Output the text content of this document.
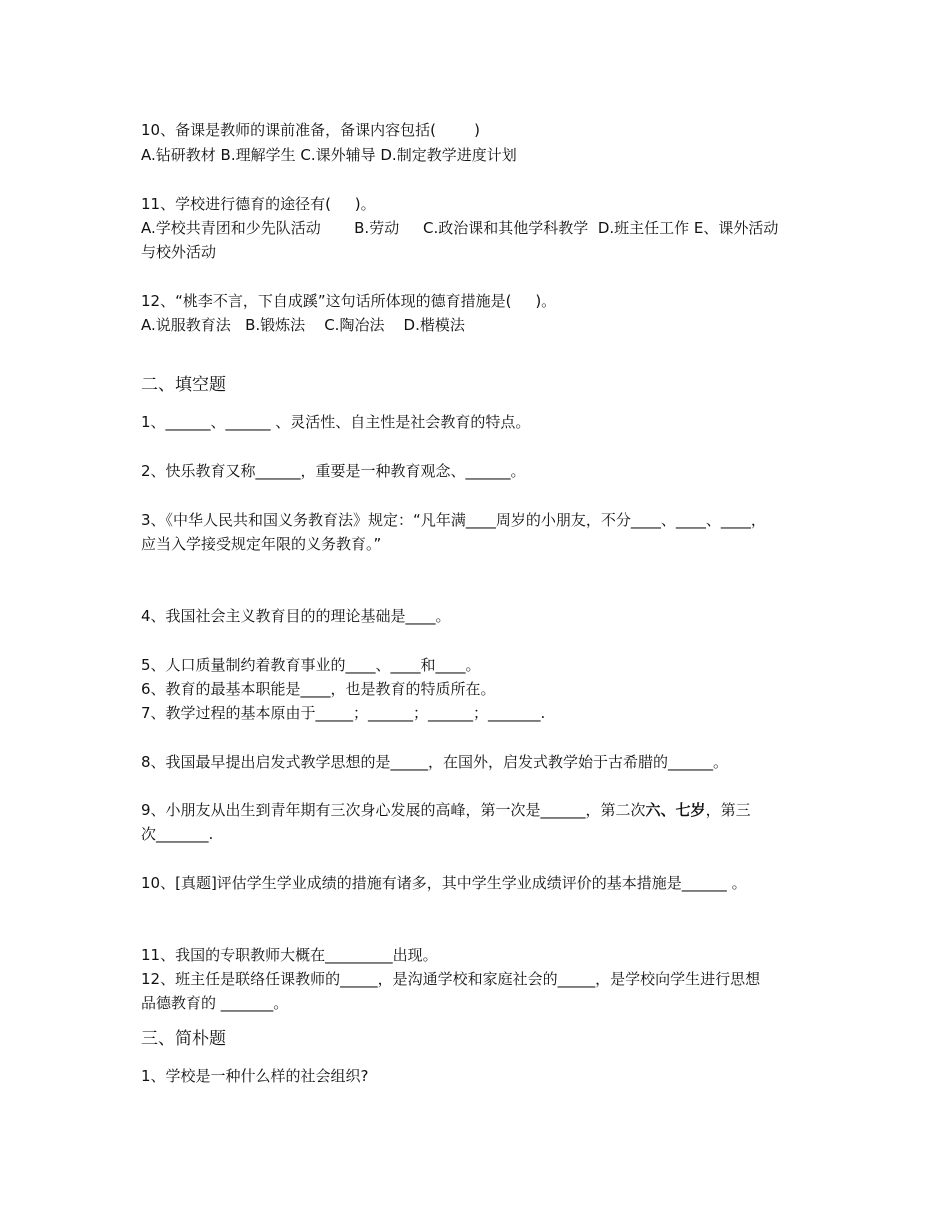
10、备课是教师的课前准备，备课内容包括(        )
A.钻研教材 B.理解学生 C.课外辅导 D.制定教学进度计划
11、学校进行德育的途径有(     )。
A.学校共青团和少先队活动       B.劳动     C.政治课和其他学科教学  D.班主任工作 E、课外活动
与校外活动
12、“桃李不言，下自成蹊”这句话所体现的德育措施是(     )。
A.说服教育法   B.锻炼法    C.陶冶法    D.楷模法
二、填空题
1、______、______ 、灵活性、自主性是社会教育的特点。
2、快乐教育又称______，重要是一种教育观念、______。
3、《中华人民共和国义务教育法》规定：“凡年满____周岁的小朋友，不分____、____、____，
应当入学接受规定年限的义务教育。”
4、我国社会主义教育目的的理论基础是____。
5、人口质量制约着教育事业的____、____和____。
6、教育的最基本职能是____，也是教育的特质所在。
7、教学过程的基本原由于_____；______；______；_______.
8、我国最早提出启发式教学思想的是_____，在国外，启发式教学始于古希腊的______。
9、小朋友从出生到青年期有三次身心发展的高峰，第一次是______，第二次六、七岁，第三
次_______.
10、[真题]评估学生学业成绩的措施有诸多，其中学生学业成绩评价的基本措施是______ 。
11、我国的专职教师大概在_________出现。
12、班主任是联络任课教师的_____，是沟通学校和家庭社会的_____，是学校向学生进行思想
品德教育的 _______。
三、简朴题
1、学校是一种什么样的社会组织?
